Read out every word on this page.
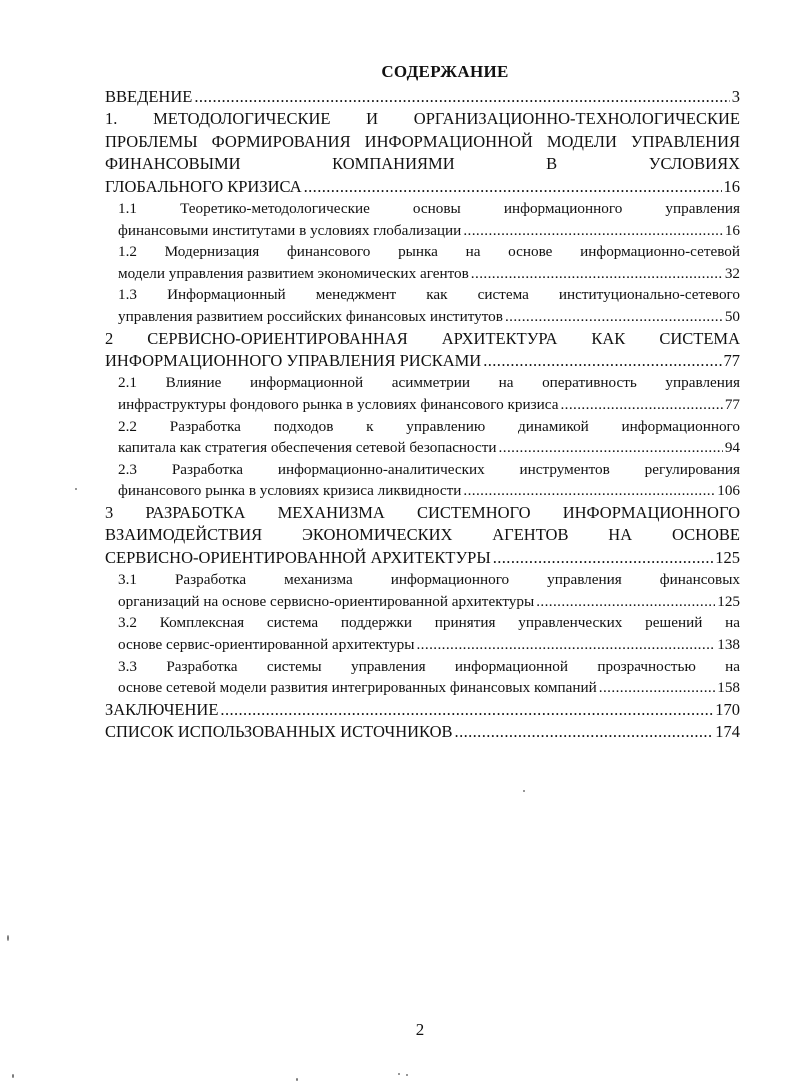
СОДЕРЖАНИЕ
ВВЕДЕНИЕ .....	3
1. МЕТОДОЛОГИЧЕСКИЕ И ОРГАНИЗАЦИОННО-ТЕХНОЛОГИЧЕСКИЕ ПРОБЛЕМЫ ФОРМИРОВАНИЯ ИНФОРМАЦИОННОЙ МОДЕЛИ УПРАВЛЕНИЯ ФИНАНСОВЫМИ КОМПАНИЯМИ В УСЛОВИЯХ
ГЛОБАЛЬНОГО КРИЗИСА .....	16
1.1 Теоретико-методологические основы информационного управления
финансовыми институтами в условиях глобализации .....	16
1.2 Модернизация финансового рынка на основе информационно-сетевой
модели управления развитием экономических агентов .....	32
1.3 Информационный менеджмент как система институционально-сетевого
управления развитием российских финансовых институтов .....	50
2 СЕРВИСНО-ОРИЕНТИРОВАННАЯ АРХИТЕКТУРА КАК СИСТЕМА
ИНФОРМАЦИОННОГО УПРАВЛЕНИЯ РИСКАМИ .....	77
2.1 Влияние информационной асимметрии на оперативность управления
инфраструктуры фондового рынка в условиях финансового кризиса .....	77
2.2 Разработка подходов к управлению динамикой информационного
капитала как стратегия обеспечения сетевой безопасности .....	94
2.3 Разработка информационно-аналитических инструментов регулирования
финансового рынка в условиях кризиса ликвидности .....	106
3 РАЗРАБОТКА МЕХАНИЗМА СИСТЕМНОГО ИНФОРМАЦИОННОГО ВЗАИМОДЕЙСТВИЯ ЭКОНОМИЧЕСКИХ АГЕНТОВ НА ОСНОВЕ
СЕРВИСНО-ОРИЕНТИРОВАННОЙ АРХИТЕКТУРЫ .....	125
3.1 Разработка механизма информационного управления финансовых
организаций на основе сервисно-ориентированной архитектуры .....	125
3.2 Комплексная система поддержки принятия управленческих решений на
основе сервис-ориентированной архитектуры .....	138
3.3 Разработка системы управления информационной прозрачностью на
основе сетевой модели развития интегрированных финансовых компаний .....	158
ЗАКЛЮЧЕНИЕ .....	170
СПИСОК ИСПОЛЬЗОВАННЫХ ИСТОЧНИКОВ .....	174
2
